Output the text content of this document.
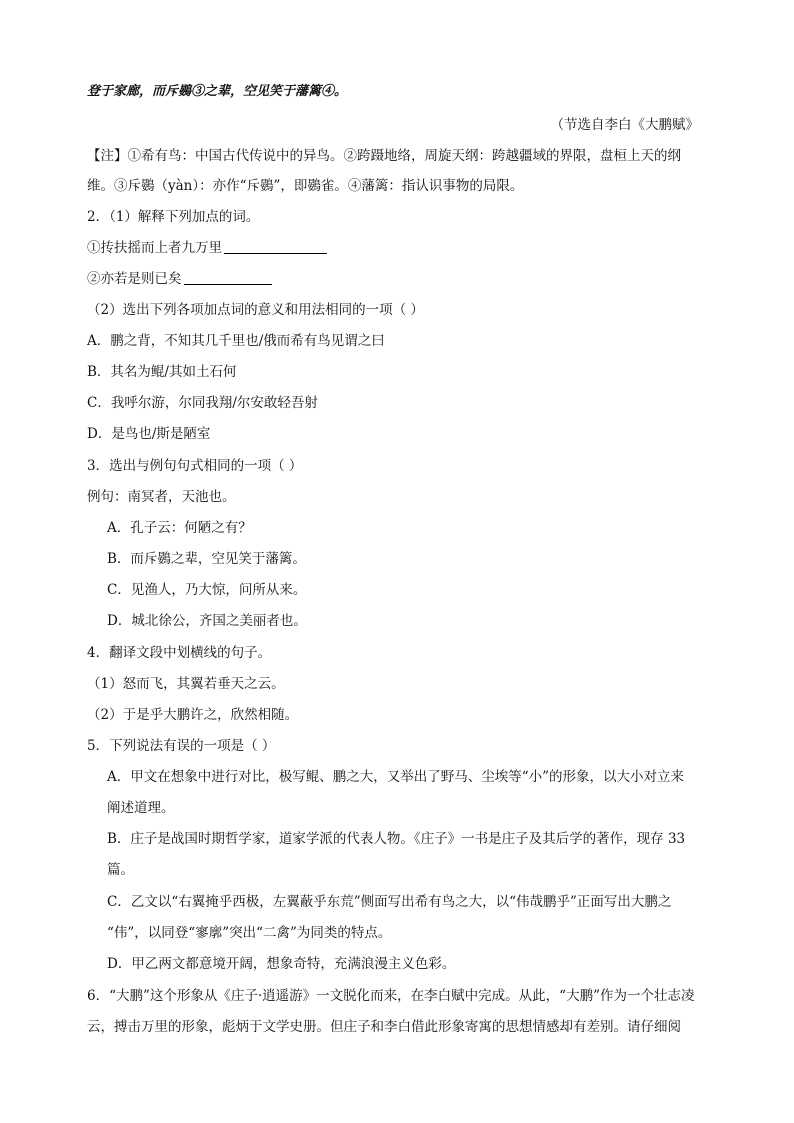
登于家廊，而斥鷃③之辈，空见笑于藩篱④。
（节选自李白《大鹏赋》
【注】①希有鸟：中国古代传说中的异鸟。②跨蹑地络，周旋天纲：跨越疆域的界限，盘桓上天的纲
维。③斥鷃（yàn）：亦作“斥鷃”，即鷃雀。④藩篱：指认识事物的局限。
2．（1）解释下列加点的词。
①抟扶摇而上者九万里
②亦若是则已矣
（2）选出下列各项加点词的意义和用法相同的一项（ ）
A．鹏之背，不知其几千里也/俄而希有鸟见谓之曰
B．其名为鲲/其如土石何
C．我呼尔游，尔同我翔/尔安敢轻吾射
D．是鸟也/斯是陋室
3．选出与例句句式相同的一项（ ）
例句：南冥者，天池也。
A．孔子云：何陋之有？
B．而斥鷃之辈，空见笑于藩篱。
C．见渔人，乃大惊，问所从来。
D．城北徐公，齐国之美丽者也。
4．翻译文段中划横线的句子。
（1）怒而飞，其翼若垂天之云。
（2）于是乎大鹏许之，欣然相随。
5．下列说法有误的一项是（ ）
A．甲文在想象中进行对比，极写鲲、鹏之大，又举出了野马、尘埃等“小”的形象，以大小对立来
阐述道理。
B．庄子是战国时期哲学家，道家学派的代表人物。《庄子》一书是庄子及其后学的著作，现存 33
篇。
C．乙文以“右翼掩乎西极，左翼蔽乎东荒”侧面写出希有鸟之大，以“伟哉鹏乎”正面写出大鹏之
“伟”，以同登“寥廓”突出“二禽”为同类的特点。
D．甲乙两文都意境开阔，想象奇特，充满浪漫主义色彩。
6．“大鹏”这个形象从《庄子·逍遥游》一文脱化而来，在李白赋中完成。从此，“大鹏”作为一个壮志凌
云，搏击万里的形象，彪炳于文学史册。但庄子和李白借此形象寄寓的思想情感却有差别。请仔细阅
